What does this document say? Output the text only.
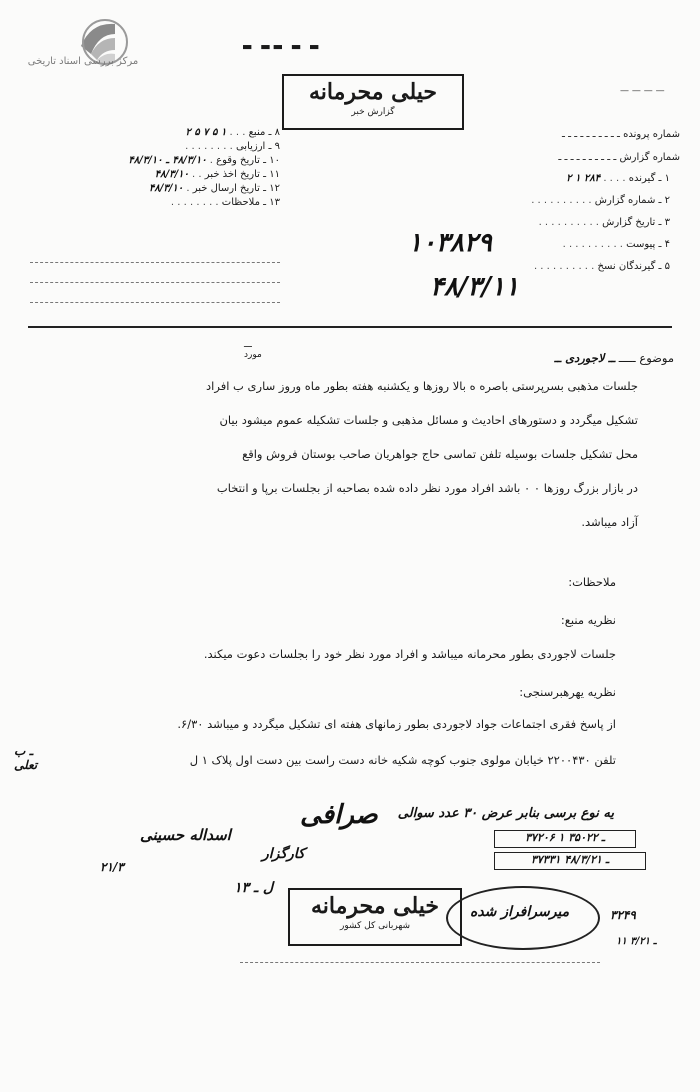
مرکز بررسی اسناد تاریخی
▬ ▬▬ ▬ ▬
— — — —
حیلی محرمانه
گزارش خبر
شماره پرونده ـ ـ ـ ـ ـ ـ ـ ـ ـ ـ
شماره گزارش ـ ـ ـ ـ ـ ـ ـ ـ ـ ـ
۱ ـ گیرنده . . . . ۲۸۴ ۱ ۲
۲ ـ شماره گزارش . . . . . . . . . .
۳ ـ تاریخ گزارش . . . . . . . . . .
۴ ـ پیوست . . . . . . . . . .
۵ ـ گیرندگان نسخ . . . . . . . . . .
۸ ـ منبع . . . ۱ ۵ ۷ ۵ ۲
۹ ـ ارزیابی . . . . . . . .
۱۰ ـ تاریخ وقوع . ۴۸/۳/۱۰ ـ ۴۸/۳/۱۰
۱۱ ـ تاریخ اخذ خبر . . ۴۸/۳/۱۰
۱۲ ـ تاریخ ارسال خبر . ۴۸/۳/۱۰
۱۳ ـ ملاحظات . . . . . . . .
۱۰۳۸۲۹
۴۸/۳/۱۱
ـــ
مورد	موضوع ـــــ ــ لاجوردی ــ
جلسات مذهبی بسرپرستی باصره ه بالا روزها و یکشنبه هفته بطور ماه وروز ساری ب افراد
تشکیل میگردد و دستورهای احادیث و مسائل مذهبی و جلسات تشکیله عموم میشود بیان
محل تشکیل جلسات بوسیله تلفن تماسی حاج جواهریان صاحب بوستان فروش واقع
در بازار بزرگ روزها ۰ ۰ باشد افراد مورد نظر داده شده بصاحبه از بجلسات برپا و انتخاب
آزاد میباشد.
ملاحظات:
نظریه منبع:
جلسات لاجوردی بطور محرمانه میباشد و افراد مورد نظر خود را بجلسات دعوت میکند.
نظریه یهرهبرسنجی:
از پاسخ فقری اجتماعات جواد لاجوردی بطور زمانهای هفته ای تشکیل میگردد و میباشد ۶/۳۰.
تلفن ۲۲۰۰۴۳۰ خیابان مولوی جنوب کوچه شکیه خانه دست راست بین دست اول پلاک ۱ ل
ـ ب
تعلی
یه نوع برسی بنابر عرض ۳۰ عدد سوالی
۳۷۲۰۶ ۱ ـ ۳۵۰۲۲
۳۷۳۳۱ ـ ۴۸/۳/۲۱
صرافی
کارگزار
ل ـ ۱۳
اسداله حسینی
۲۱/۳
خیلی محرمانه
شهربانی کل کشور
میرسرافراز شده	۳۲۴۹
۱۱ ـ ۳/۲۱
